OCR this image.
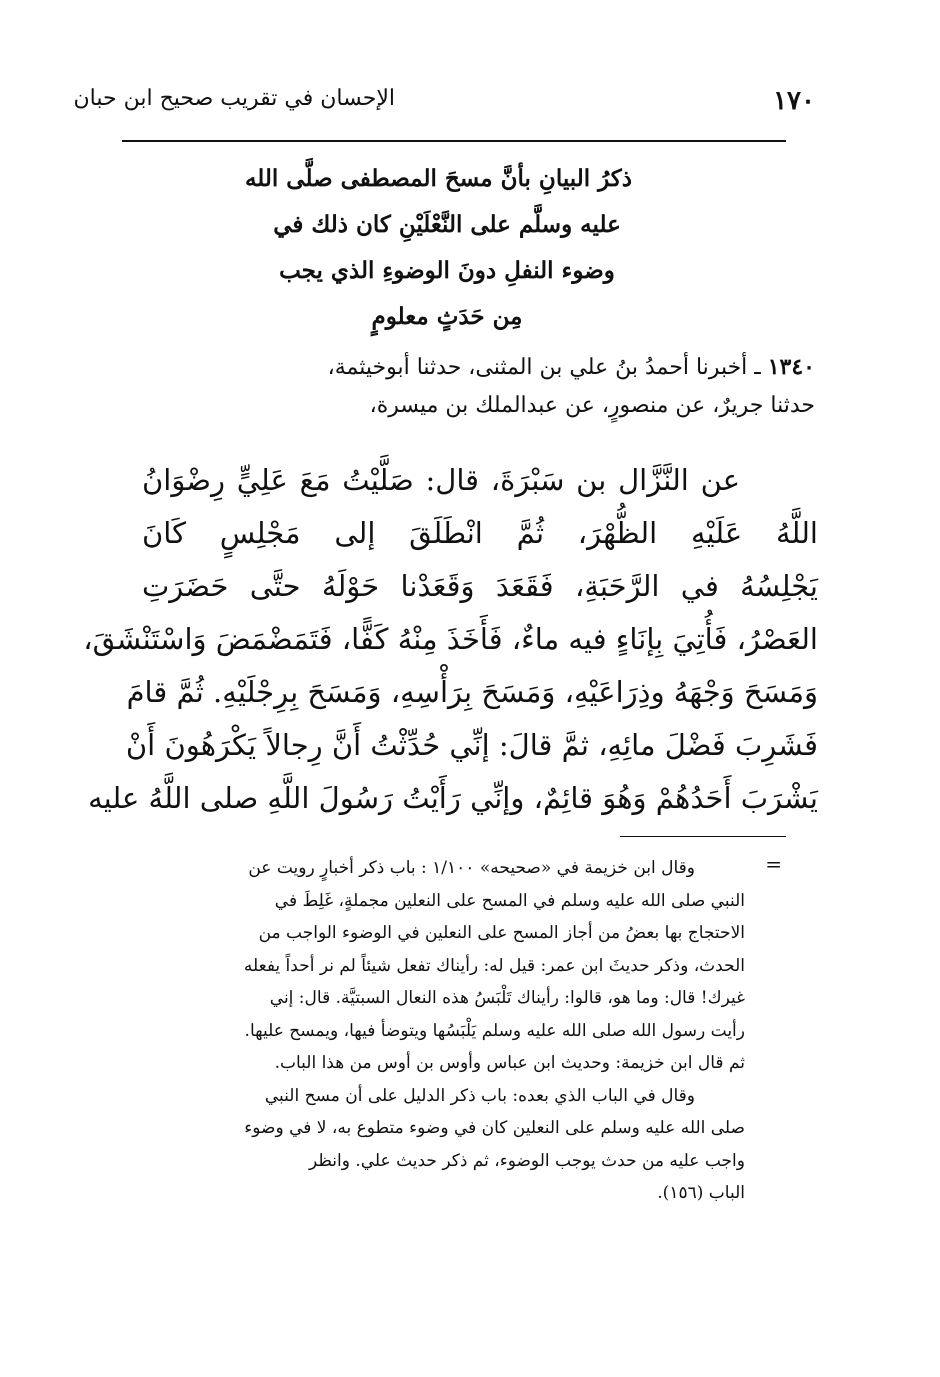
١٧٠
الإحسان في تقريب صحيح ابن حبان
ذكرُ البيانِ بأنَّ مسحَ المصطفى صلَّى الله
عليه وسلَّم على النَّعْلَيْنِ كان ذلك في
وضوء النفلِ دونَ الوضوءِ الذي يجب
مِن حَدَثٍ معلومٍ

١٣٤٠ ـ أخبرنا أحمدُ بنُ علي بن المثنى، حدثنا أبوخيثمة،

حدثنا جريرٌ، عن منصورٍ، عن عبدالملك بن ميسرة،

عن النَّزَّال بن سَبْرَةَ، قال: صَلَّيْتُ مَعَ عَلِيٍّ رِضْوَانُ

اللَّهُ عَلَيْهِ الظُّهْرَ، ثُمَّ انْطَلَقَ إلى مَجْلِسٍ كَانَ

يَجْلِسُهُ في الرَّحَبَةِ، فَقَعَدَ وَقَعَدْنا حَوْلَهُ حتَّى حَضَرَتِ

العَصْرُ، فَأُتِيَ بِإنَاءٍ فيه ماءٌ، فَأَخَذَ مِنْهُ كَفًّا، فَتَمَضْمَضَ وَاسْتَنْشَقَ،

وَمَسَحَ وَجْهَهُ وذِرَاعَيْهِ، وَمَسَحَ بِرَأْسِهِ، وَمَسَحَ بِرِجْلَيْهِ. ثُمَّ قامَ

فَشَرِبَ فَضْلَ مائِهِ، ثمَّ قالَ: إنِّي حُدِّثْتُ أَنَّ رِجالاً يَكْرَهُونَ أَنْ

يَشْرَبَ أَحَدُهُمْ وَهُوَ قائِمٌ، وإنِّي رَأَيْتُ رَسُولَ اللَّهِ صلى اللَّهُ عليه

=

وقال ابن خزيمة في «صحيحه» ١/١٠٠ : باب ذكر أخبارٍ رويت عن

النبي صلى الله عليه وسلم في المسح على النعلين مجملةٍ، غَلِطَ في

الاحتجاج بها بعضُ من أجاز المسح على النعلين في الوضوء الواجب من

الحدث، وذكر حديثَ ابن عمر: قيل له: رأيناك تفعل شيئاً لم نر أحداً يفعله

غيرك! قال: وما هو، قالوا: رأيناك تَلْبَسُ هذه النعال السبتيَّة. قال: إني

رأيت رسول الله صلى الله عليه وسلم يَلْبَسُها ويتوضأ فيها، ويمسح عليها.

ثم قال ابن خزيمة: وحديث ابن عباس وأوس بن أوس من هذا الباب.

وقال في الباب الذي بعده: باب ذكر الدليل على أن مسح النبي

صلى الله عليه وسلم على النعلين كان في وضوء متطوع به، لا في وضوء

واجب عليه من حدث يوجب الوضوء، ثم ذكر حديث علي. وانظر

الباب (١٥٦).
